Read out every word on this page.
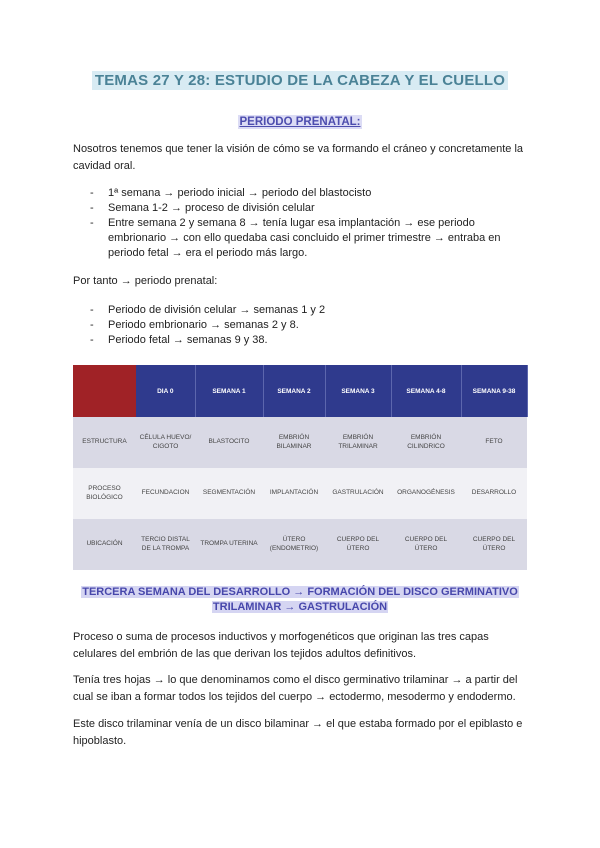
TEMAS 27 Y 28: ESTUDIO DE LA CABEZA Y EL CUELLO
PERIODO PRENATAL:

Nosotros tenemos que tener la visión de cómo se va formando el cráneo y concretamente la cavidad oral.

- 1ª semana → periodo inicial → periodo del blastocisto
- Semana 1-2 → proceso de división celular
- Entre semana 2 y semana 8 → tenía lugar esa implantación → ese periodo embrionario → con ello quedaba casi concluido el primer trimestre → entraba en periodo fetal → era el periodo más largo.

Por tanto → periodo prenatal:

- Periodo de división celular → semanas 1 y 2
- Periodo embrionario → semanas 2 y 8.
- Periodo fetal → semanas 9 y 38.
	DIA 0	SEMANA 1	SEMANA 2	SEMANA 3	SEMANA 4-8	SEMANA 9-38
ESTRUCTURA	CÉLULA HUEVO/ CIGOTO	BLASTOCITO	EMBRIÓN BILAMINAR	EMBRIÓN TRILAMINAR	EMBRIÓN CILINDRICO	FETO
PROCESO BIOLÓGICO	FECUNDACION	SEGMENTACIÓN	IMPLANTACIÓN	GASTRULACIÓN	ORGANOGÉNESIS	DESARROLLO
UBICACIÓN	TERCIO DISTAL DE LA TROMPA	TROMPA UTERINA	ÚTERO (ENDOMETRIO)	CUERPO DEL ÚTERO	CUERPO DEL ÚTERO	CUERPO DEL ÚTERO
TERCERA SEMANA DEL DESARROLLO → FORMACIÓN DEL DISCO GERMINATIVO
TRILAMINAR → GASTRULACIÓN

Proceso o suma de procesos inductivos y morfogenéticos que originan las tres capas celulares del embrión de las que derivan los tejidos adultos definitivos.

Tenía tres hojas → lo que denominamos como el disco germinativo trilaminar → a partir del cual se iban a formar todos los tejidos del cuerpo → ectodermo, mesodermo y endodermo.

Este disco trilaminar venía de un disco bilaminar → el que estaba formado por el epiblasto e hipoblasto.
